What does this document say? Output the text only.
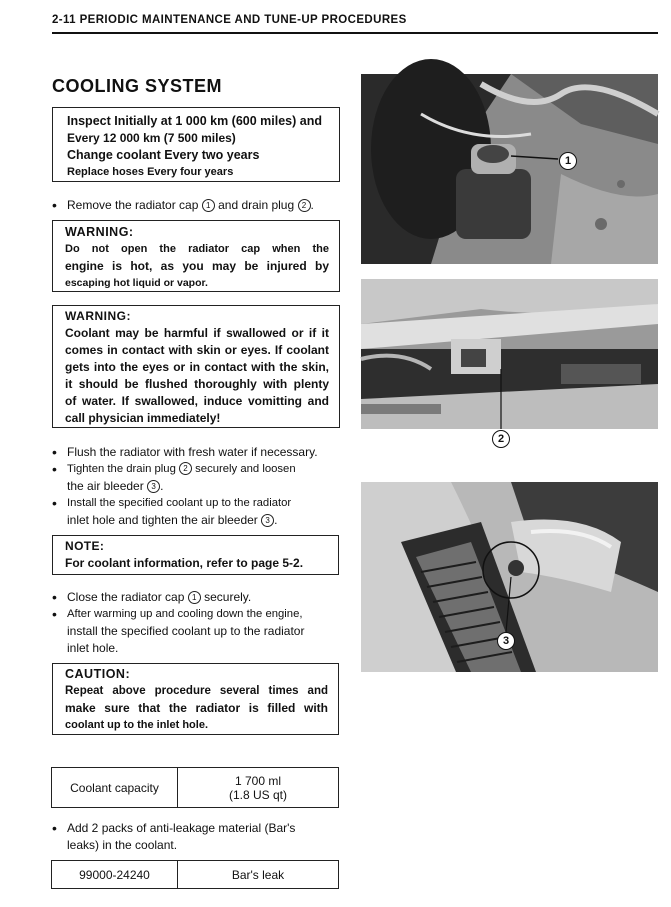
2-11 PERIODIC MAINTENANCE AND TUNE-UP PROCEDURES
COOLING SYSTEM
Inspect Initially at 1 000 km (600 miles) and
Every 12 000 km (7 500 miles)
Change coolant Every two years
Replace hoses Every four years
• Remove the radiator cap 1 and drain plug 2 .
WARNING:
Do not open the radiator cap when the
engine is hot, as you may be injured by
escaping hot liquid or vapor.
WARNING:
Coolant may be harmful if swallowed or if it
comes in contact with skin or eyes. If coolant
gets into the eyes or in contact with the skin,
it should be flushed thoroughly with plenty
of water. If swallowed, induce vomitting and
call physician immediately!
• Flush the radiator with fresh water if necessary.
• Tighten the drain plug 2 securely and loosen
the air bleeder 3 .
• Install the specified coolant up to the radiator
inlet hole and tighten the air bleeder 3 .
NOTE:
For coolant information, refer to page 5-2.
• Close the radiator cap 1 securely.
• After warming up and cooling down the engine,
install the specified coolant up to the radiator
inlet hole.
CAUTION:
Repeat above procedure several times and
make sure that the radiator is filled with
coolant up to the inlet hole.
Coolant capacity	1 700 ml
(1.8 US qt)
• Add 2 packs of anti-leakage material (Bar's
leaks) in the coolant.
99000-24240	Bar's leak
1
2
3
